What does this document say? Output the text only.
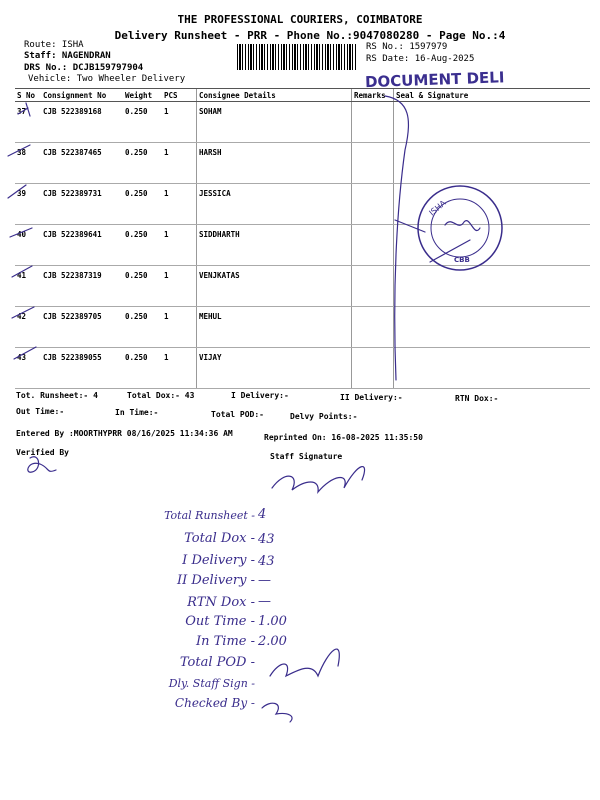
THE PROFESSIONAL COURIERS, COIMBATORE
Delivery Runsheet - PRR - Phone No.:9047080280 - Page No.:4
Route: ISHA
Staff: NAGENDRAN
DRS No.: DCJB159797904
Vehicle: Two Wheeler Delivery
RS No.: 1597979
RS Date: 16-Aug-2025
DOCUMENT DELI
S No	Consignment No	Weight	PCS	Consignee Details	Remarks	Seal & Signature
37	CJB 522389168	0.250	1	SOHAM		
38	CJB 522387465	0.250	1	HARSH		
39	CJB 522389731	0.250	1	JESSICA		
40	CJB 522389641	0.250	1	SIDDHARTH		
41	CJB 522387319	0.250	1	VENJKATAS		
42	CJB 522389705	0.250	1	MEHUL		
43	CJB 522389055	0.250	1	VIJAY		
Tot. Runsheet:- 4	Total Dox:- 43	I Delivery:-	II Delivery:-	RTN Dox:-
Out Time:-	In Time:-	Total POD:-	Delvy Points:-
Entered By :MOORTHYPRR 08/16/2025 11:34:36 AM	Reprinted On: 16-08-2025 11:35:50
Verified By	Staff Signature
Total Runsheet - 4
Total Dox - 43
I Delivery - 43
II Delivery - —
RTN Dox - —
Out Time - 1.00
In Time - 2.00
Total POD -
Dly. Staff Sign -
Checked By -
ISHA
CBB
